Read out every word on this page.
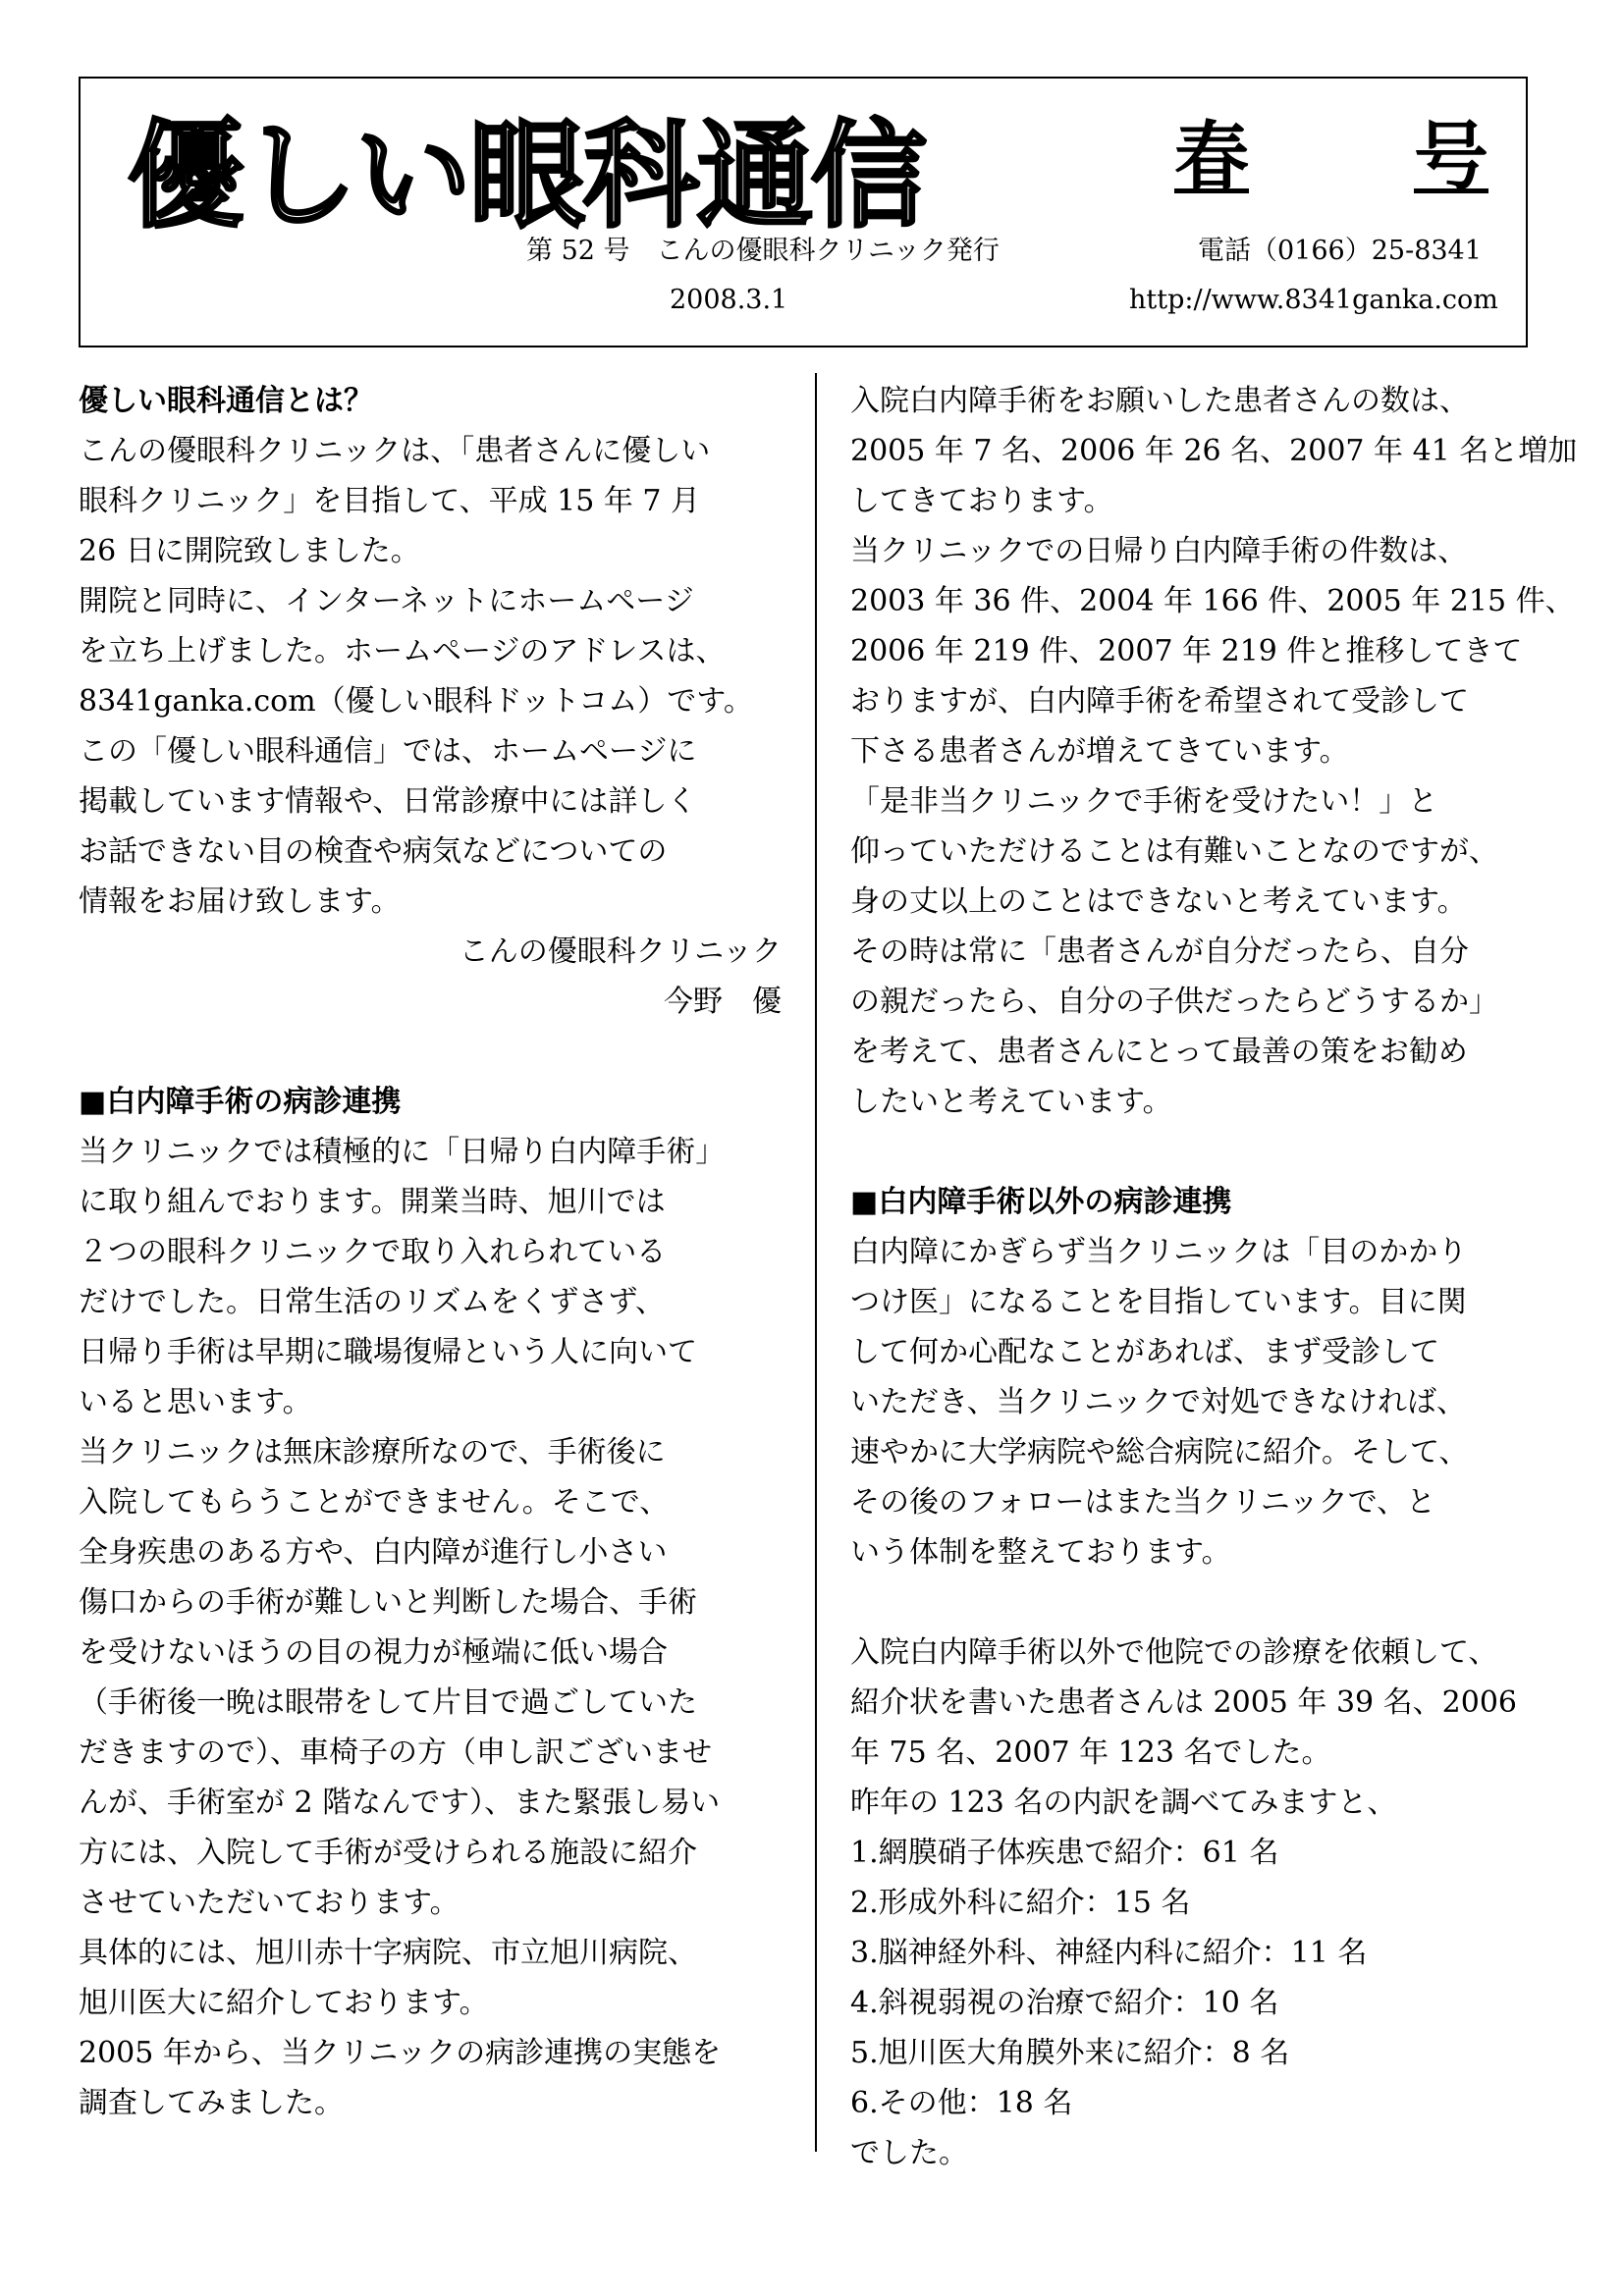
優しい眼科通信	春 号
第 52 号　こんの優眼科クリニック発行	電話（0166）25-8341
2008.3.1	http://www.8341ganka.com

優しい眼科通信とは？

こんの優眼科クリニックは、「患者さんに優しい

眼科クリニック」を目指して、平成 15 年 7 月

26 日に開院致しました。

開院と同時に、インターネットにホームページ

を立ち上げました。ホームページのアドレスは、

8341ganka.com（優しい眼科ドットコム）です。

この「優しい眼科通信」では、ホームページに

掲載しています情報や、日常診療中には詳しく

お話できない目の検査や病気などについての

情報をお届け致します。

こんの優眼科クリニック

今野　優

■白内障手術の病診連携

当クリニックでは積極的に「日帰り白内障手術」

に取り組んでおります。開業当時、旭川では

２つの眼科クリニックで取り入れられている

だけでした。日常生活のリズムをくずさず、

日帰り手術は早期に職場復帰という人に向いて

いると思います。

当クリニックは無床診療所なので、手術後に

入院してもらうことができません。そこで、

全身疾患のある方や、白内障が進行し小さい

傷口からの手術が難しいと判断した場合、手術

を受けないほうの目の視力が極端に低い場合

（手術後一晩は眼帯をして片目で過ごしていた

だきますので）、車椅子の方（申し訳ございませ

んが、手術室が 2 階なんです）、また緊張し易い

方には、入院して手術が受けられる施設に紹介

させていただいております。

具体的には、旭川赤十字病院、市立旭川病院、

旭川医大に紹介しております。

2005 年から、当クリニックの病診連携の実態を

調査してみました。

入院白内障手術をお願いした患者さんの数は、

2005 年 7 名、2006 年 26 名、2007 年 41 名と増加

してきております。

当クリニックでの日帰り白内障手術の件数は、

2003 年 36 件、2004 年 166 件、2005 年 215 件、

2006 年 219 件、2007 年 219 件と推移してきて

おりますが、白内障手術を希望されて受診して

下さる患者さんが増えてきています。

「是非当クリニックで手術を受けたい！」と

仰っていただけることは有難いことなのですが、

身の丈以上のことはできないと考えています。

その時は常に「患者さんが自分だったら、自分

の親だったら、自分の子供だったらどうするか」

を考えて、患者さんにとって最善の策をお勧め

したいと考えています。

■白内障手術以外の病診連携

白内障にかぎらず当クリニックは「目のかかり

つけ医」になることを目指しています。目に関

して何か心配なことがあれば、まず受診して

いただき、当クリニックで対処できなければ、

速やかに大学病院や総合病院に紹介。そして、

その後のフォローはまた当クリニックで、と

いう体制を整えております。

入院白内障手術以外で他院での診療を依頼して、

紹介状を書いた患者さんは 2005 年 39 名、2006

年 75 名、2007 年 123 名でした。

昨年の 123 名の内訳を調べてみますと、

1.網膜硝子体疾患で紹介：61 名

2.形成外科に紹介：15 名

3.脳神経外科、神経内科に紹介：11 名

4.斜視弱視の治療で紹介：10 名

5.旭川医大角膜外来に紹介：8 名

6.その他：18 名

でした。
